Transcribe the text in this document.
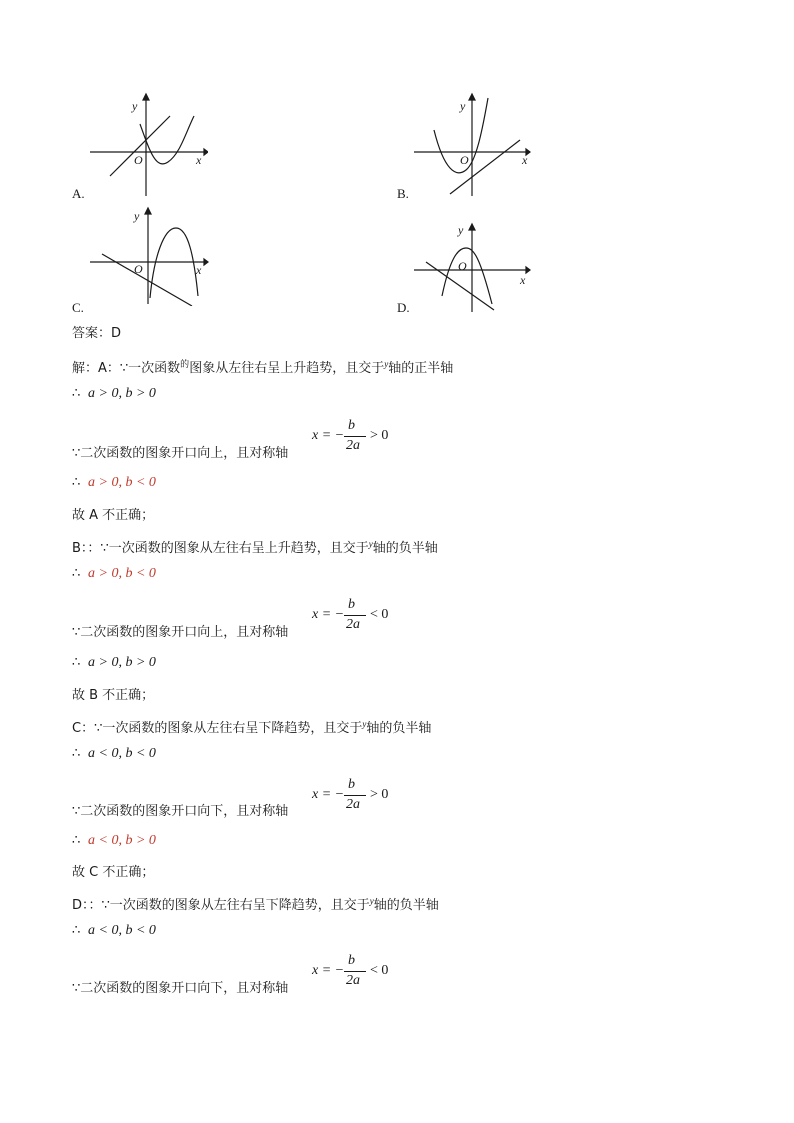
y
x
O
A.
y
x
O
B.
y
x
O
C.
y
x
O
D.
答案：D
解：A：∵一次函数$^的$图象从左往右呈上升趋势，且交于$^y$轴的正半轴
∴ a > 0, b > 0
∵二次函数的图象开口向上，且对称轴
x = −
b
2a
> 0
∴ a > 0, b < 0
故 A 不正确；
B：：∵一次函数的图象从左往右呈上升趋势，且交于$^y$轴的负半轴
∴ a > 0, b < 0
∵二次函数的图象开口向上，且对称轴
x = −
b
2a
< 0
∴ a > 0, b > 0
故 B 不正确；
C：∵一次函数的图象从左往右呈下降趋势，且交于$^y$轴的负半轴
∴ a < 0, b < 0
∵二次函数的图象开口向下，且对称轴
x = −
b
2a
> 0
∴ a < 0, b > 0
故 C 不正确；
D：：∵一次函数的图象从左往右呈下降趋势，且交于$^y$轴的负半轴
∴ a < 0, b < 0
∵二次函数的图象开口向下，且对称轴
x = −
b
2a
< 0
